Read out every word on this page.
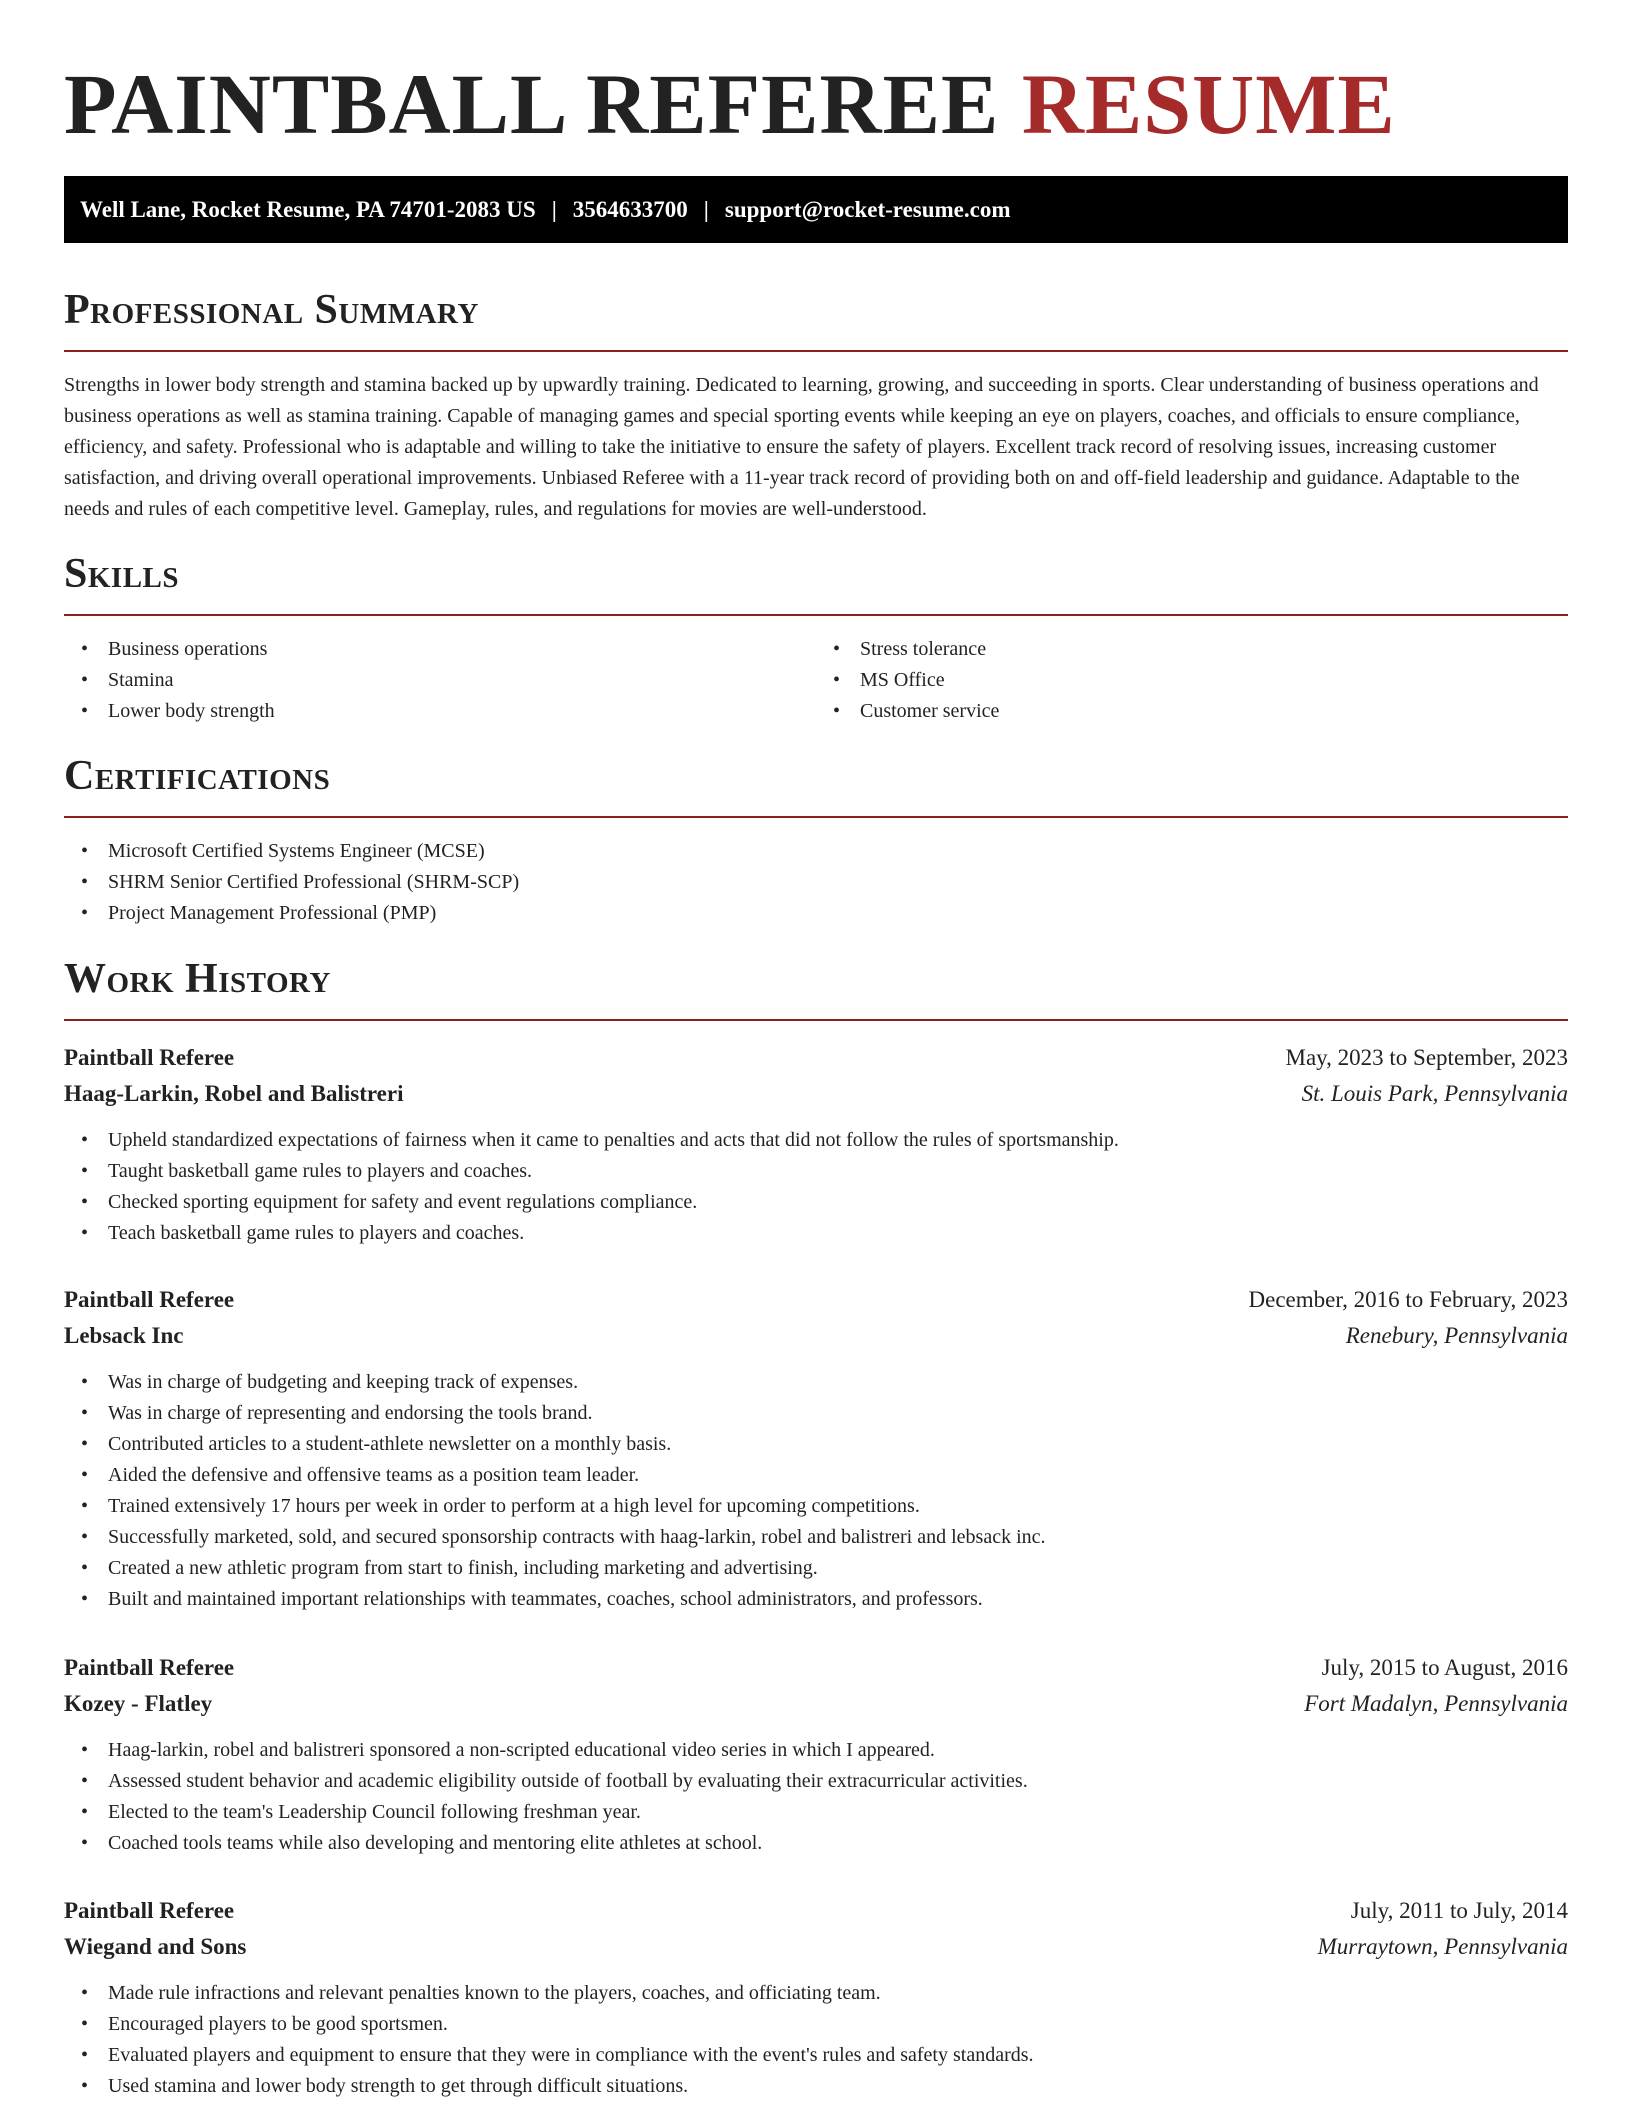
PAINTBALL REFEREE RESUME
Well Lane, Rocket Resume, PA 74701-2083 US | 3564633700 | support@rocket-resume.com
Professional Summary

Strengths in lower body strength and stamina backed up by upwardly training. Dedicated to learning, growing, and succeeding in sports. Clear understanding of business operations and business operations as well as stamina training. Capable of managing games and special sporting events while keeping an eye on players, coaches, and officials to ensure compliance, efficiency, and safety. Professional who is adaptable and willing to take the initiative to ensure the safety of players. Excellent track record of resolving issues, increasing customer satisfaction, and driving overall operational improvements. Unbiased Referee with a 11-year track record of providing both on and off-field leadership and guidance. Adaptable to the needs and rules of each competitive level. Gameplay, rules, and regulations for movies are well-understood.

Skills
• Business operations
• Stamina
• Lower body strength
• Stress tolerance
• MS Office
• Customer service
Certifications
• Microsoft Certified Systems Engineer (MCSE)
• SHRM Senior Certified Professional (SHRM-SCP)
• Project Management Professional (PMP)
Work History
Paintball Referee	May, 2023 to September, 2023
Haag-Larkin, Robel and Balistreri	St. Louis Park, Pennsylvania
• Upheld standardized expectations of fairness when it came to penalties and acts that did not follow the rules of sportsmanship.
• Taught basketball game rules to players and coaches.
• Checked sporting equipment for safety and event regulations compliance.
• Teach basketball game rules to players and coaches.
Paintball Referee	December, 2016 to February, 2023
Lebsack Inc	Renebury, Pennsylvania
• Was in charge of budgeting and keeping track of expenses.
• Was in charge of representing and endorsing the tools brand.
• Contributed articles to a student-athlete newsletter on a monthly basis.
• Aided the defensive and offensive teams as a position team leader.
• Trained extensively 17 hours per week in order to perform at a high level for upcoming competitions.
• Successfully marketed, sold, and secured sponsorship contracts with haag-larkin, robel and balistreri and lebsack inc.
• Created a new athletic program from start to finish, including marketing and advertising.
• Built and maintained important relationships with teammates, coaches, school administrators, and professors.
Paintball Referee	July, 2015 to August, 2016
Kozey - Flatley	Fort Madalyn, Pennsylvania
• Haag-larkin, robel and balistreri sponsored a non-scripted educational video series in which I appeared.
• Assessed student behavior and academic eligibility outside of football by evaluating their extracurricular activities.
• Elected to the team's Leadership Council following freshman year.
• Coached tools teams while also developing and mentoring elite athletes at school.
Paintball Referee	July, 2011 to July, 2014
Wiegand and Sons	Murraytown, Pennsylvania
• Made rule infractions and relevant penalties known to the players, coaches, and officiating team.
• Encouraged players to be good sportsmen.
• Evaluated players and equipment to ensure that they were in compliance with the event's rules and safety standards.
• Used stamina and lower body strength to get through difficult situations.
